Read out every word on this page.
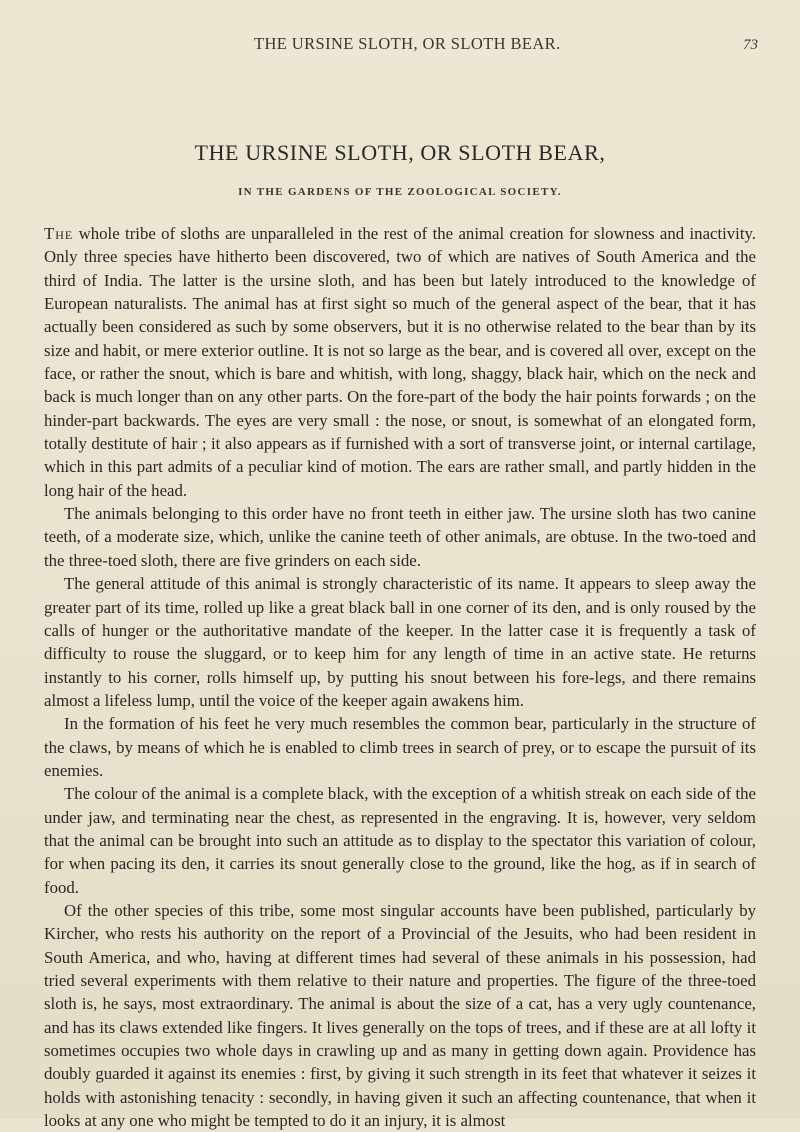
THE URSINE SLOTH, OR SLOTH BEAR.	73
THE URSINE SLOTH, OR SLOTH BEAR,
IN THE GARDENS OF THE ZOOLOGICAL SOCIETY.

The whole tribe of sloths are unparalleled in the rest of the animal creation for slowness and inactivity. Only three species have hitherto been discovered, two of which are natives of South America and the third of India. The latter is the ursine sloth, and has been but lately introduced to the knowledge of European naturalists. The animal has at first sight so much of the general aspect of the bear, that it has actually been considered as such by some observers, but it is no otherwise related to the bear than by its size and habit, or mere exterior outline. It is not so large as the bear, and is covered all over, except on the face, or rather the snout, which is bare and whitish, with long, shaggy, black hair, which on the neck and back is much longer than on any other parts. On the fore-part of the body the hair points forwards ; on the hinder-part backwards. The eyes are very small : the nose, or snout, is somewhat of an elongated form, totally destitute of hair ; it also appears as if furnished with a sort of transverse joint, or internal cartilage, which in this part admits of a peculiar kind of motion. The ears are rather small, and partly hidden in the long hair of the head.

The animals belonging to this order have no front teeth in either jaw. The ursine sloth has two canine teeth, of a moderate size, which, unlike the canine teeth of other animals, are obtuse. In the two-toed and the three-toed sloth, there are five grinders on each side.

The general attitude of this animal is strongly characteristic of its name. It appears to sleep away the greater part of its time, rolled up like a great black ball in one corner of its den, and is only roused by the calls of hunger or the authoritative mandate of the keeper. In the latter case it is frequently a task of difficulty to rouse the sluggard, or to keep him for any length of time in an active state. He returns instantly to his corner, rolls himself up, by putting his snout between his fore-legs, and there remains almost a lifeless lump, until the voice of the keeper again awakens him.

In the formation of his feet he very much resembles the common bear, particularly in the structure of the claws, by means of which he is enabled to climb trees in search of prey, or to escape the pursuit of its enemies.

The colour of the animal is a complete black, with the exception of a whitish streak on each side of the under jaw, and terminating near the chest, as represented in the engraving. It is, however, very seldom that the animal can be brought into such an attitude as to display to the spectator this variation of colour, for when pacing its den, it carries its snout generally close to the ground, like the hog, as if in search of food.

Of the other species of this tribe, some most singular accounts have been published, particularly by Kircher, who rests his authority on the report of a Provincial of the Jesuits, who had been resident in South America, and who, having at different times had several of these animals in his possession, had tried several experiments with them relative to their nature and properties. The figure of the three-toed sloth is, he says, most extraordinary. The animal is about the size of a cat, has a very ugly countenance, and has its claws extended like fingers. It lives generally on the tops of trees, and if these are at all lofty it sometimes occupies two whole days in crawling up and as many in getting down again. Providence has doubly guarded it against its enemies : first, by giving it such strength in its feet that whatever it seizes it holds with astonishing tenacity : secondly, in having given it such an affecting countenance, that when it looks at any one who might be tempted to do it an injury, it is almost
